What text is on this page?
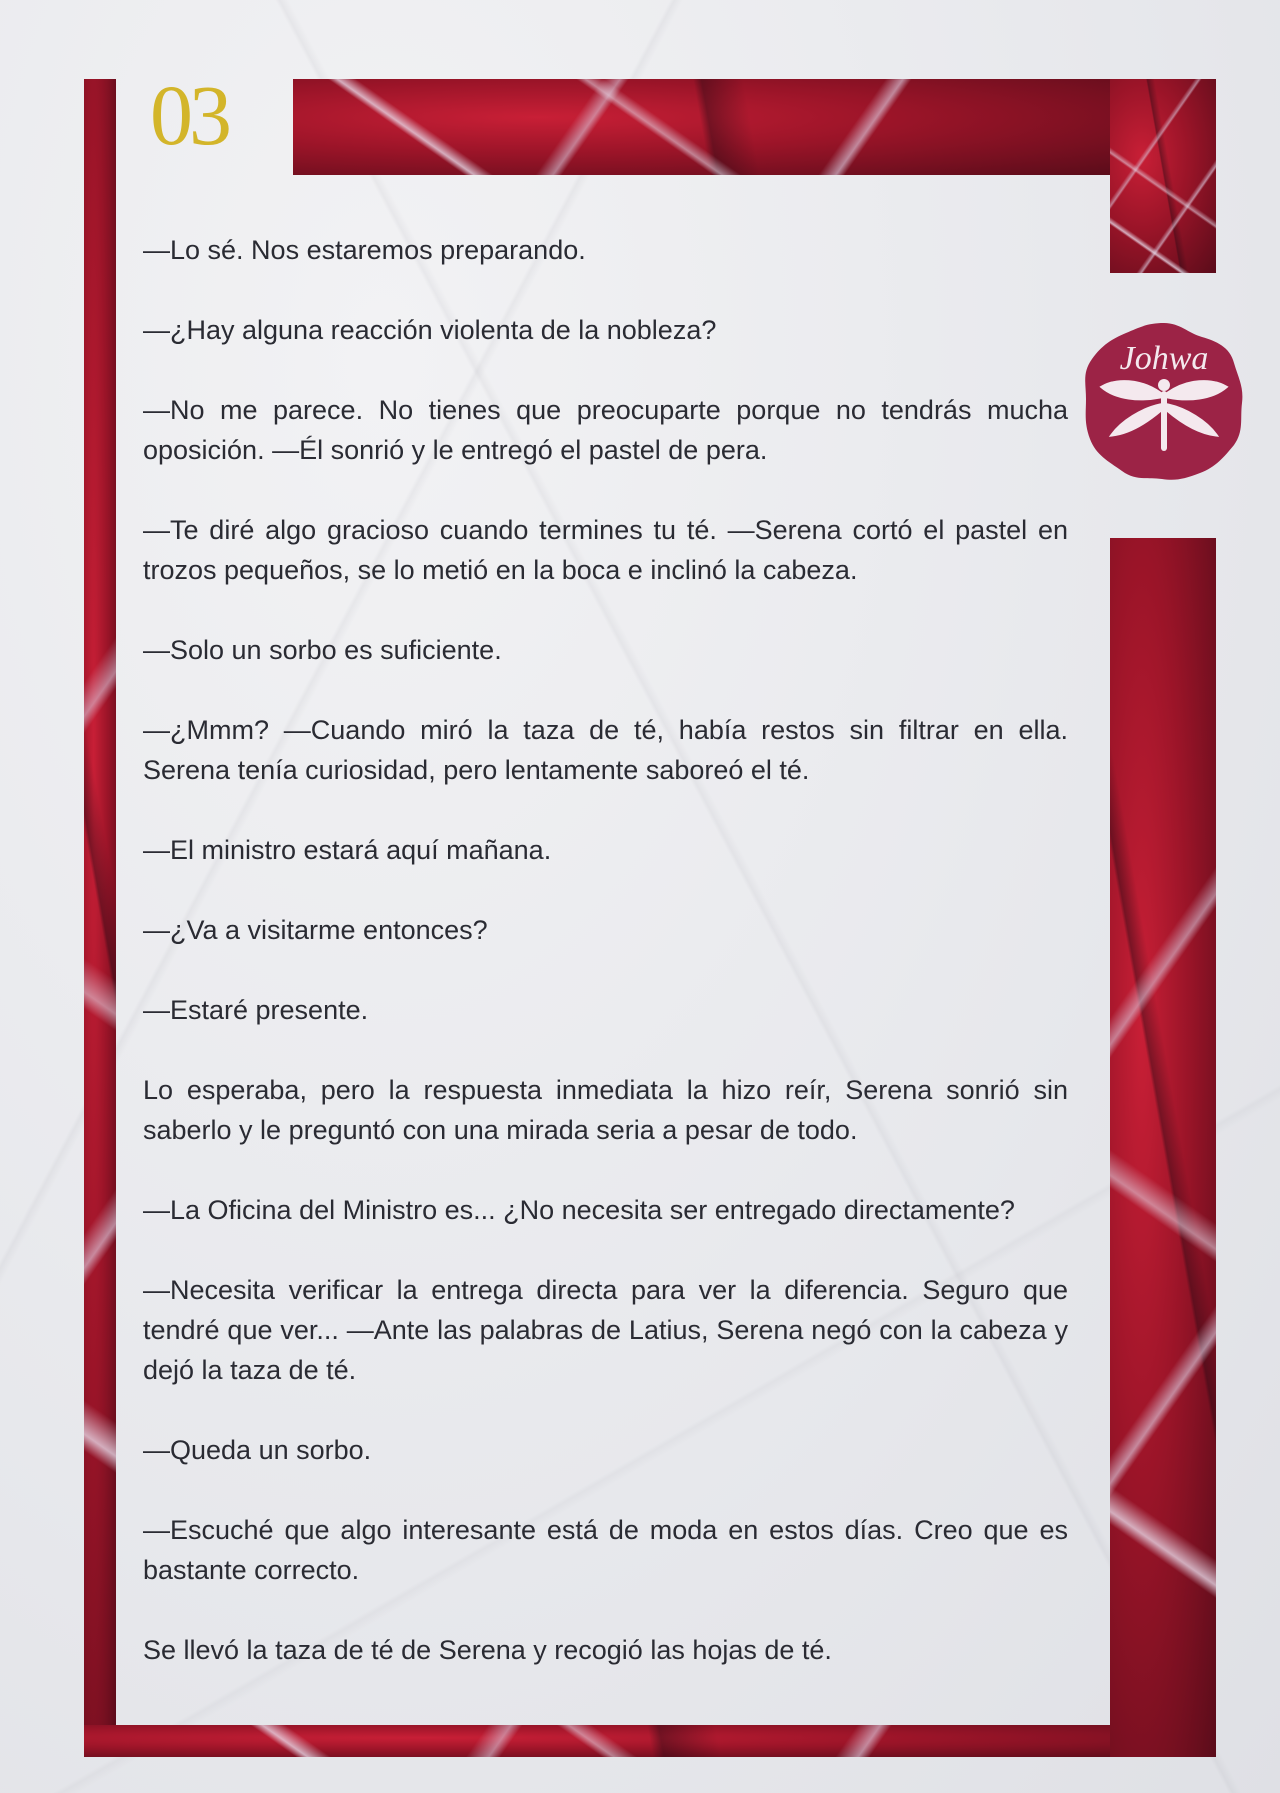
03
Johwa

—Lo sé. Nos estaremos preparando.

—¿Hay alguna reacción violenta de la nobleza?

—No me parece. No tienes que preocuparte porque no tendrás mucha oposición. —Él sonrió y le entregó el pastel de pera.

—Te diré algo gracioso cuando termines tu té. —Serena cortó el pastel en trozos pequeños, se lo metió en la boca e inclinó la cabeza.

—Solo un sorbo es suficiente.

—¿Mmm? —Cuando miró la taza de té, había restos sin filtrar en ella. Serena tenía curiosidad, pero lentamente saboreó el té.

—El ministro estará aquí mañana.

—¿Va a visitarme entonces?

—Estaré presente.

Lo esperaba, pero la respuesta inmediata la hizo reír, Serena sonrió sin saberlo y le preguntó con una mirada seria a pesar de todo.

—La Oficina del Ministro es... ¿No necesita ser entregado directamente?

—Necesita verificar la entrega directa para ver la diferencia. Seguro que tendré que ver... —Ante las palabras de Latius, Serena negó con la cabeza y dejó la taza de té.

—Queda un sorbo.

—Escuché que algo interesante está de moda en estos días. Creo que es bastante correcto.

Se llevó la taza de té de Serena y recogió las hojas de té.
